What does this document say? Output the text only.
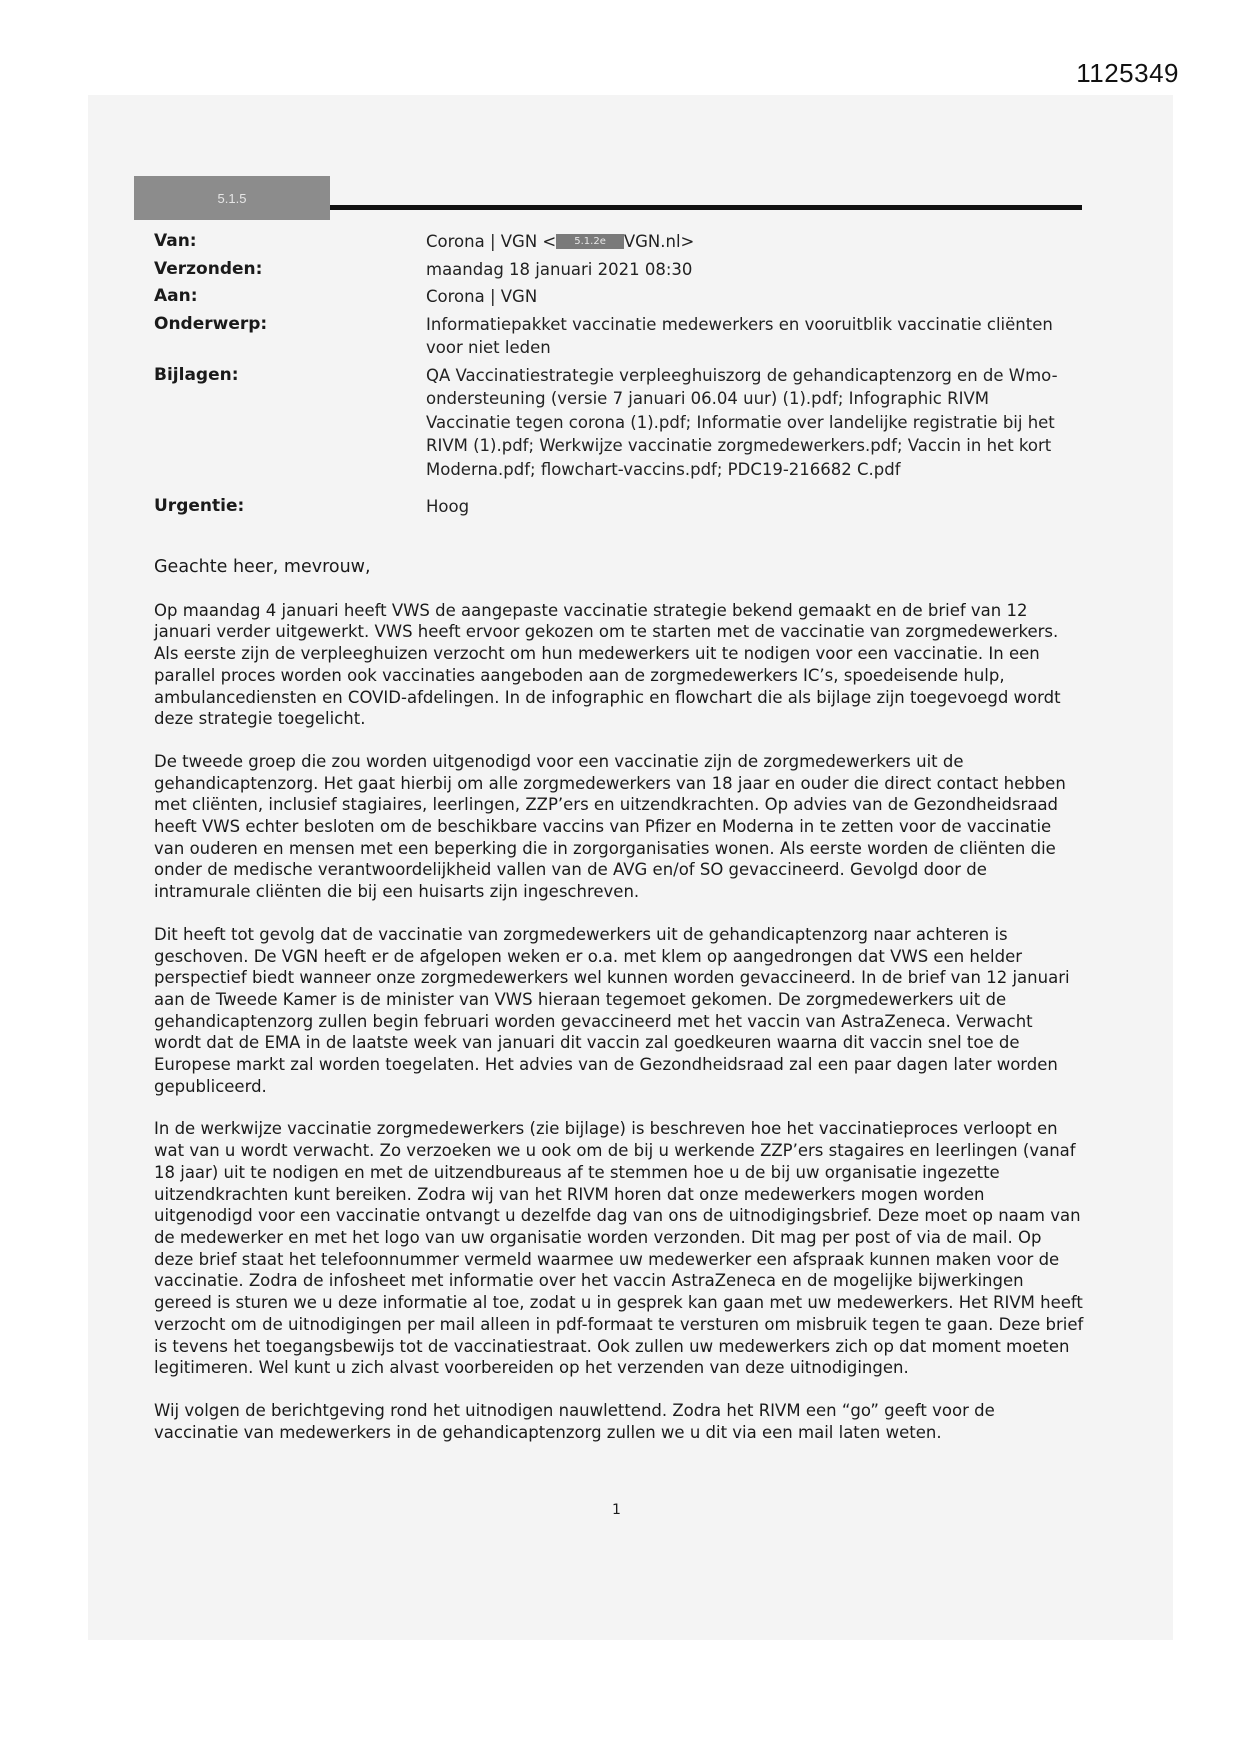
1125349
5.1.5
Van:	Corona | VGN < 5.1.2e VGN.nl>
Verzonden:	maandag 18 januari 2021 08:30
Aan:	Corona | VGN
Onderwerp:	Informatiepakket vaccinatie medewerkers en vooruitblik vaccinatie cliënten voor niet leden
Bijlagen:	QA Vaccinatiestrategie verpleeghuiszorg de gehandicaptenzorg en de Wmo-ondersteuning (versie 7 januari 06.04 uur) (1).pdf; Infographic RIVM Vaccinatie tegen corona (1).pdf; Informatie over landelijke registratie bij het RIVM (1).pdf; Werkwijze vaccinatie zorgmedewerkers.pdf; Vaccin in het kort Moderna.pdf; flowchart-vaccins.pdf; PDC19-216682 C.pdf
Urgentie:	Hoog

Geachte heer, mevrouw,

Op maandag 4 januari heeft VWS de aangepaste vaccinatie strategie bekend gemaakt en de brief van 12 januari verder uitgewerkt. VWS heeft ervoor gekozen om te starten met de vaccinatie van zorgmedewerkers. Als eerste zijn de verpleeghuizen verzocht om hun medewerkers uit te nodigen voor een vaccinatie. In een parallel proces worden ook vaccinaties aangeboden aan de zorgmedewerkers IC’s, spoedeisende hulp, ambulancediensten en COVID-afdelingen. In de infographic en flowchart die als bijlage zijn toegevoegd wordt deze strategie toegelicht.

De tweede groep die zou worden uitgenodigd voor een vaccinatie zijn de zorgmedewerkers uit de gehandicaptenzorg. Het gaat hierbij om alle zorgmedewerkers van 18 jaar en ouder die direct contact hebben met cliënten, inclusief stagiaires, leerlingen, ZZP’ers en uitzendkrachten. Op advies van de Gezondheidsraad heeft VWS echter besloten om de beschikbare vaccins van Pfizer en Moderna in te zetten voor de vaccinatie van ouderen en mensen met een beperking die in zorgorganisaties wonen. Als eerste worden de cliënten die onder de medische verantwoordelijkheid vallen van de AVG en/of SO gevaccineerd. Gevolgd door de intramurale cliënten die bij een huisarts zijn ingeschreven.

Dit heeft tot gevolg dat de vaccinatie van zorgmedewerkers uit de gehandicaptenzorg naar achteren is geschoven. De VGN heeft er de afgelopen weken er o.a. met klem op aangedrongen dat VWS een helder perspectief biedt wanneer onze zorgmedewerkers wel kunnen worden gevaccineerd. In de brief van 12 januari aan de Tweede Kamer is de minister van VWS hieraan tegemoet gekomen. De zorgmedewerkers uit de gehandicaptenzorg zullen begin februari worden gevaccineerd met het vaccin van AstraZeneca. Verwacht wordt dat de EMA in de laatste week van januari dit vaccin zal goedkeuren waarna dit vaccin snel toe de Europese markt zal worden toegelaten. Het advies van de Gezondheidsraad zal een paar dagen later worden gepubliceerd.

In de werkwijze vaccinatie zorgmedewerkers (zie bijlage) is beschreven hoe het vaccinatieproces verloopt en wat van u wordt verwacht. Zo verzoeken we u ook om de bij u werkende ZZP’ers stagaires en leerlingen (vanaf 18 jaar) uit te nodigen en met de uitzendbureaus af te stemmen hoe u de bij uw organisatie ingezette uitzendkrachten kunt bereiken. Zodra wij van het RIVM horen dat onze medewerkers mogen worden uitgenodigd voor een vaccinatie ontvangt u dezelfde dag van ons de uitnodigingsbrief. Deze moet op naam van de medewerker en met het logo van uw organisatie worden verzonden. Dit mag per post of via de mail. Op deze brief staat het telefoonnummer vermeld waarmee uw medewerker een afspraak kunnen maken voor de vaccinatie. Zodra de infosheet met informatie over het vaccin AstraZeneca en de mogelijke bijwerkingen gereed is sturen we u deze informatie al toe, zodat u in gesprek kan gaan met uw medewerkers. Het RIVM heeft verzocht om de uitnodigingen per mail alleen in pdf-formaat te versturen om misbruik tegen te gaan. Deze brief is tevens het toegangsbewijs tot de vaccinatiestraat. Ook zullen uw medewerkers zich op dat moment moeten legitimeren. Wel kunt u zich alvast voorbereiden op het verzenden van deze uitnodigingen.

Wij volgen de berichtgeving rond het uitnodigen nauwlettend. Zodra het RIVM een “go” geeft voor de vaccinatie van medewerkers in de gehandicaptenzorg zullen we u dit via een mail laten weten.

1
